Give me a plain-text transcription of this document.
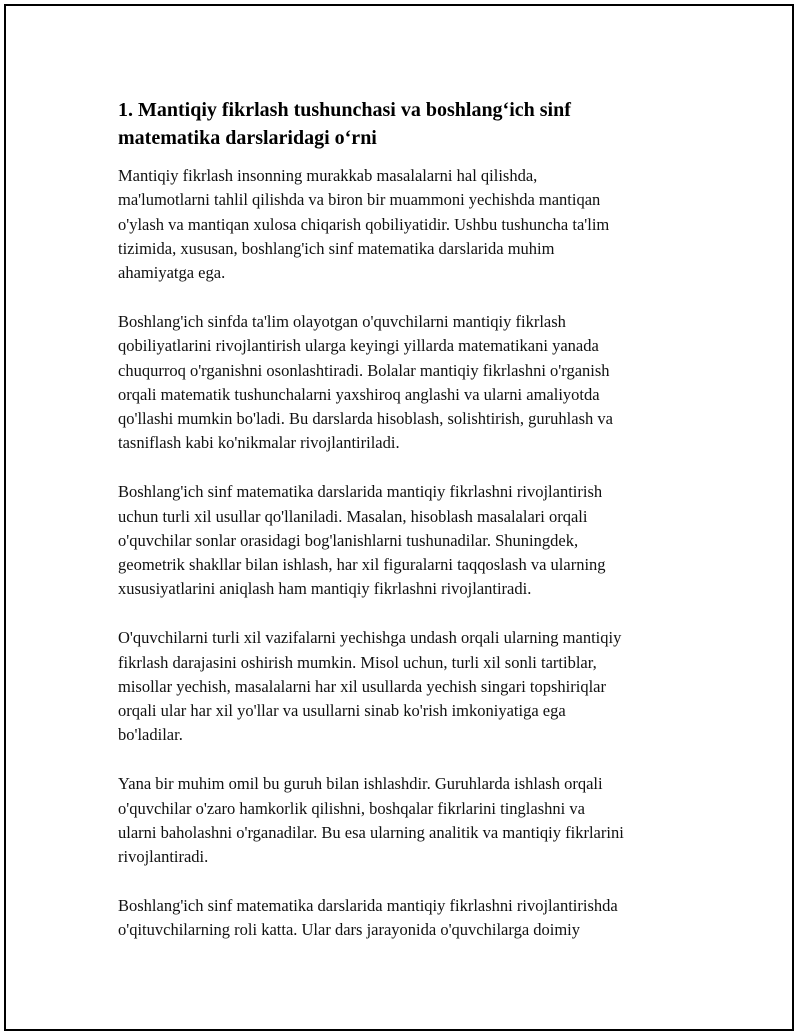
1. Mantiqiy fikrlash tushunchasi va boshlang‘ich sinf
matematika darslaridagi o‘rni

Mantiqiy fikrlash insonning murakkab masalalarni hal qilishda,
ma'lumotlarni tahlil qilishda va biron bir muammoni yechishda mantiqan
o'ylash va mantiqan xulosa chiqarish qobiliyatidir. Ushbu tushuncha ta'lim
tizimida, xususan, boshlang'ich sinf matematika darslarida muhim
ahamiyatga ega.

Boshlang'ich sinfda ta'lim olayotgan o'quvchilarni mantiqiy fikrlash
qobiliyatlarini rivojlantirish ularga keyingi yillarda matematikani yanada
chuqurroq o'rganishni osonlashtiradi. Bolalar mantiqiy fikrlashni o'rganish
orqali matematik tushunchalarni yaxshiroq anglashi va ularni amaliyotda
qo'llashi mumkin bo'ladi. Bu darslarda hisoblash, solishtirish, guruhlash va
tasniflash kabi ko'nikmalar rivojlantiriladi.

Boshlang'ich sinf matematika darslarida mantiqiy fikrlashni rivojlantirish
uchun turli xil usullar qo'llaniladi. Masalan, hisoblash masalalari orqali
o'quvchilar sonlar orasidagi bog'lanishlarni tushunadilar. Shuningdek,
geometrik shakllar bilan ishlash, har xil figuralarni taqqoslash va ularning
xususiyatlarini aniqlash ham mantiqiy fikrlashni rivojlantiradi.

O'quvchilarni turli xil vazifalarni yechishga undash orqali ularning mantiqiy
fikrlash darajasini oshirish mumkin. Misol uchun, turli xil sonli tartiblar,
misollar yechish, masalalarni har xil usullarda yechish singari topshiriqlar
orqali ular har xil yo'llar va usullarni sinab ko'rish imkoniyatiga ega
bo'ladilar.

Yana bir muhim omil bu guruh bilan ishlashdir. Guruhlarda ishlash orqali
o'quvchilar o'zaro hamkorlik qilishni, boshqalar fikrlarini tinglashni va
ularni baholashni o'rganadilar. Bu esa ularning analitik va mantiqiy fikrlarini
rivojlantiradi.

Boshlang'ich sinf matematika darslarida mantiqiy fikrlashni rivojlantirishda
o'qituvchilarning roli katta. Ular dars jarayonida o'quvchilarga doimiy
